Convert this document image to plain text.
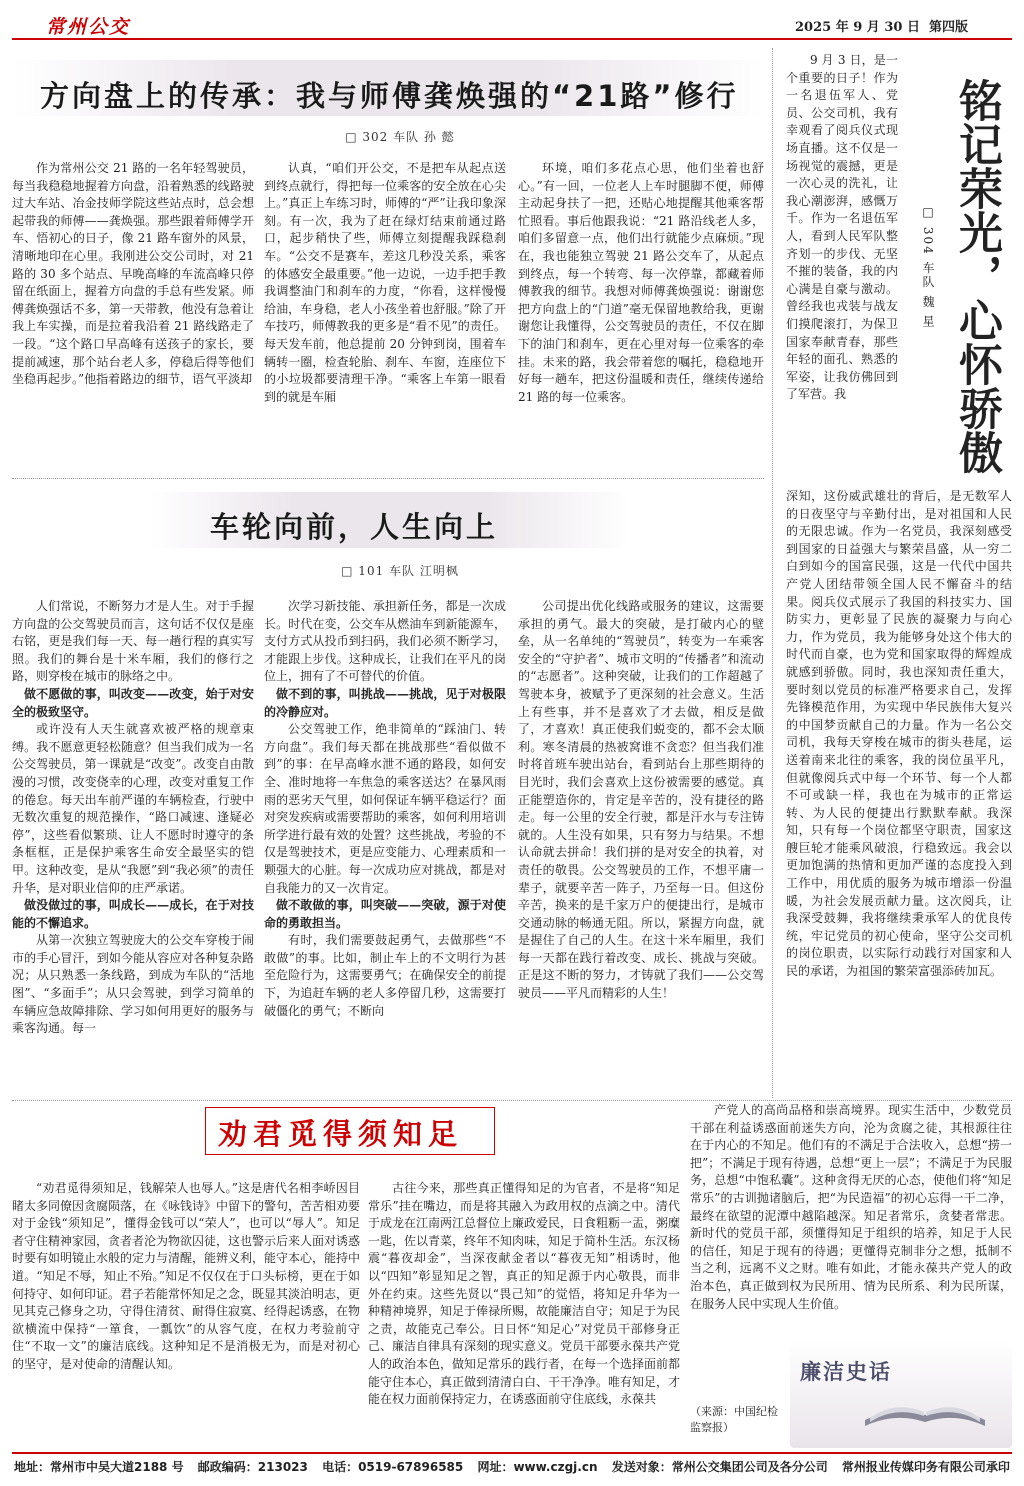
常州公交	2025 年 9 月 30 日 第四版
方向盘上的传承：我与师傅龚焕强的“21路”修行
□ 302 车队 孙 懿
作为常州公交 21 路的一名年轻驾驶员，每当我稳稳地握着方向盘，沿着熟悉的线路驶过大车站、冶金技师学院这些站点时，总会想起带我的师傅——龚焕强。那些跟着师傅学开车、悟初心的日子，像 21 路车窗外的风景，清晰地印在心里。我刚进公交公司时，对 21 路的 30 多个站点、早晚高峰的车流高峰只停留在纸面上，握着方向盘的手总有些发紧。师傅龚焕强话不多，第一天带教，他没有急着让我上车实操，而是拉着我沿着 21 路线路走了一段。“这个路口早高峰有送孩子的家长，要提前减速，那个站台老人多，停稳后得等他们坐稳再起步。”他指着路边的细节，语气平淡却
认真，“咱们开公交，不是把车从起点送到终点就行，得把每一位乘客的安全放在心尖上。”真正上车练习时，师傅的“严”让我印象深刻。有一次，我为了赶在绿灯结束前通过路口，起步稍快了些，师傅立刻提醒我踩稳刹车。“公交不是赛车，差这几秒没关系，乘客的体感安全最重要。”他一边说，一边手把手教我调整油门和刹车的力度，“你看，这样慢慢给油，车身稳，老人小孩坐着也舒服。”除了开车技巧，师傅教我的更多是“看不见”的责任。每天发车前，他总提前 20 分钟到岗，围着车辆转一圈，检查轮胎、刹车、车窗，连座位下的小垃圾都要清理干净。“乘客上车第一眼看到的就是车厢
环境，咱们多花点心思，他们坐着也舒心。”有一回，一位老人上车时腿脚不便，师傅主动起身扶了一把，还贴心地提醒其他乘客帮忙照看。事后他跟我说：“21 路沿线老人多，咱们多留意一点，他们出行就能少点麻烦。”现在，我也能独立驾驶 21 路公交车了，从起点到终点，每一个转弯、每一次停靠，都藏着师傅教我的细节。我想对师傅龚焕强说：谢谢您把方向盘上的“门道”毫无保留地教给我，更谢谢您让我懂得，公交驾驶员的责任，不仅在脚下的油门和刹车，更在心里对每一位乘客的牵挂。未来的路，我会带着您的嘱托，稳稳地开好每一趟车，把这份温暖和责任，继续传递给 21 路的每一位乘客。
车轮向前，人生向上
□ 101 车队 江明枫
人们常说，不断努力才是人生。对于手握方向盘的公交驾驶员而言，这句话不仅仅是座右铭，更是我们每一天、每一趟行程的真实写照。我们的舞台是十米车厢，我们的修行之路，则穿梭在城市的脉络之中。
做不愿做的事，叫改变——改变，始于对安全的极致坚守。
或许没有人天生就喜欢被严格的规章束缚。我不愿意更轻松随意？但当我们成为一名公交驾驶员，第一课就是“改变”。改变自由散漫的习惯，改变侥幸的心理，改变对重复工作的倦怠。每天出车前严谨的车辆检查，行驶中无数次重复的规范操作，“路口减速、逢疑必停”，这些看似繁琐、让人不愿时时遵守的条条框框，正是保护乘客生命安全最坚实的铠甲。这种改变，是从“我愿”到“我必须”的责任升华，是对职业信仰的庄严承诺。
做没做过的事，叫成长——成长，在于对技能的不懈追求。
从第一次独立驾驶庞大的公交车穿梭于闹市的手心冒汗，到如今能从容应对各种复杂路况；从只熟悉一条线路，到成为车队的“活地图”、“多面手”；从只会驾驶，到学习简单的车辆应急故障排除、学习如何用更好的服务与乘客沟通。每一
次学习新技能、承担新任务，都是一次成长。时代在变，公交车从燃油车到新能源车，支付方式从投币到扫码，我们必须不断学习，才能跟上步伐。这种成长，让我们在平凡的岗位上，拥有了不可替代的价值。
做不到的事，叫挑战——挑战，见于对极限的冷静应对。
公交驾驶工作，绝非简单的“踩油门、转方向盘”。我们每天都在挑战那些“看似做不到”的事：在早高峰水泄不通的路段，如何安全、准时地将一车焦急的乘客送达？在暴风雨雨的恶劣天气里，如何保证车辆平稳运行？面对突发疾病或需要帮助的乘客，如何利用培训所学进行最有效的处置？这些挑战，考验的不仅是驾驶技术，更是应变能力、心理素质和一颗强大的心脏。每一次成功应对挑战，都是对自我能力的又一次肯定。
做不敢做的事，叫突破——突破，源于对使命的勇敢担当。
有时，我们需要鼓起勇气，去做那些“不敢做”的事。比如，制止车上的不文明行为甚至危险行为，这需要勇气；在确保安全的前提下，为追赶车辆的老人多停留几秒，这需要打破僵化的勇气；不断向
公司提出优化线路或服务的建议，这需要承担的勇气。最大的突破，是打破内心的壁垒，从一名单纯的“驾驶员”，转变为一车乘客安全的“守护者”、城市文明的“传播者”和流动的“志愿者”。这种突破，让我们的工作超越了驾驶本身，被赋予了更深刻的社会意义。生活上有些事，并不是喜欢了才去做，相反是做了，才喜欢！真正使我们蜕变的，都不会太顺利。寒冬清晨的热被窝谁不贪恋？但当我们准时将首班车驶出站台，看到站台上那些期待的目光时，我们会喜欢上这份被需要的感觉。真正能塑造你的，肯定是辛苦的，没有捷径的路走。每一公里的安全行驶，都是汗水与专注铸就的。人生没有如果，只有努力与结果。不想认命就去拼命！我们拼的是对安全的执着，对责任的敬畏。公交驾驶员的工作，不想平庸一辈子，就要辛苦一阵子，乃至每一日。但这份辛苦，换来的是千家万户的便捷出行，是城市交通动脉的畅通无阻。所以，紧握方向盘，就是握住了自己的人生。在这十米车厢里，我们每一天都在践行着改变、成长、挑战与突破。正是这不断的努力，才铸就了我们——公交驾驶员——平凡而精彩的人生！
9 月 3 日，是一个重要的日子！作为一名退伍军人、党员、公交司机，我有幸观看了阅兵仪式现场直播。这不仅是一场视觉的震撼，更是一次心灵的洗礼，让我心潮澎湃，感慨万千。作为一名退伍军人，看到人民军队整齐划一的步伐、无坚不摧的装备，我的内心满是自豪与激动。曾经我也戎装与战友们摸爬滚打，为保卫国家奉献青春，那些年轻的面孔、熟悉的军姿，让我仿佛回到了军营。我	铭记荣光，心怀骄傲
□ 304 车队 魏 星
深知，这份威武雄壮的背后，是无数军人的日夜坚守与辛勤付出，是对祖国和人民的无限忠诚。作为一名党员，我深刻感受到国家的日益强大与繁荣昌盛，从一穷二白到如今的国富民强，这是一代代中国共产党人团结带领全国人民不懈奋斗的结果。阅兵仪式展示了我国的科技实力、国防实力，更彰显了民族的凝聚力与向心力，作为党员，我为能够身处这个伟大的时代而自豪，也为党和国家取得的辉煌成就感到骄傲。同时，我也深知责任重大，要时刻以党员的标准严格要求自己，发挥先锋模范作用，为实现中华民族伟大复兴的中国梦贡献自己的力量。作为一名公交司机，我每天穿梭在城市的街头巷尾，运送着南来北往的乘客，我的岗位虽平凡，但就像阅兵式中每一个环节、每一个人都不可或缺一样，我也在为城市的正常运转、为人民的便捷出行默默奉献。我深知，只有每一个岗位都坚守职责，国家这艘巨轮才能乘风破浪，行稳致远。我会以更加饱满的热情和更加严谨的态度投入到工作中，用优质的服务为城市增添一份温暖，为社会发展贡献力量。这次阅兵，让我深受鼓舞，我将继续秉承军人的优良传统，牢记党员的初心使命，坚守公交司机的岗位职责，以实际行动践行对国家和人民的承诺，为祖国的繁荣富强添砖加瓦。
劝君觅得须知足
“劝君觅得须知足，钱解荣人也辱人。”这是唐代名相李峤因目睹太多同僚因贪腐陨落，在《咏钱诗》中留下的警句，苦苦相劝要对于金钱“须知足”，懂得金钱可以“荣人”，也可以“辱人”。知足者守住精神家园，贪者者沦为物欲囚徒，这也警示后来人面对诱惑时要有如明镜止水般的定力与清醒，能辨义利，能守本心，能持中道。“知足不辱，知止不殆。”知足不仅仅在于口头标榜，更在于如何持守、如何印证。君子若能常怀知足之念，既显其淡泊明志，更见其克己修身之功，守得住清贫、耐得住寂寞、经得起诱惑，在物欲横流中保持“一箪食，一瓢饮”的从容气度，在权力考验前守住“不取一文”的廉洁底线。这种知足不是消极无为，而是对初心的坚守，是对使命的清醒认知。
古往今来，那些真正懂得知足的为官者，不是将“知足常乐”挂在嘴边，而是将其融入为政用权的点滴之中。清代于成龙在江南两江总督位上廉政爱民，日食粗粝一盂，粥糜一匙，佐以青菜，终年不知肉味，知足于简朴生活。东汉杨震“暮夜却金”，当深夜献金者以“暮夜无知”相诱时，他以“四知”彰显知足之智，真正的知足源于内心敬畏，而非外在约束。这些先贤以“畏己知”的觉悟，将知足升华为一种精神境界，知足于俸禄所赐，故能廉洁自守；知足于为民之责，故能克己奉公。日日怀“知足心”对党员干部修身正己、廉洁自律具有深刻的现实意义。党员干部要永葆共产党人的政治本色，做知足常乐的践行者，在每一个选择面前都能守住本心，真正做到清清白白、干干净净。唯有知足，才能在权力面前保持定力，在诱惑面前守住底线，永葆共
产党人的高尚品格和崇高境界。现实生活中，少数党员干部在利益诱惑面前迷失方向，沦为贪腐之徒，其根源往往在于内心的不知足。他们有的不满足于合法收入，总想“捞一把”；不满足于现有待遇，总想“更上一层”；不满足于为民服务，总想“中饱私囊”。这种贪得无厌的心态，使他们将“知足常乐”的古训抛诸脑后，把“为民造福”的初心忘得一干二净，最终在欲望的泥潭中越陷越深。知足者常乐，贪婪者常悲。新时代的党员干部，须懂得知足于组织的培养，知足于人民的信任，知足于现有的待遇；更懂得克制非分之想，抵制不当之利，远离不义之财。唯有如此，才能永葆共产党人的政治本色，真正做到权为民所用、情为民所系、利为民所谋，在服务人民中实现人生价值。
（来源：中国纪检监察报）
廉洁史话
地址：常州市中吴大道2188 号 邮政编码：213023 电话：0519-67896585 网址：www.czgj.cn 发送对象：常州公交集团公司及各分公司 常州报业传媒印务有限公司承印
